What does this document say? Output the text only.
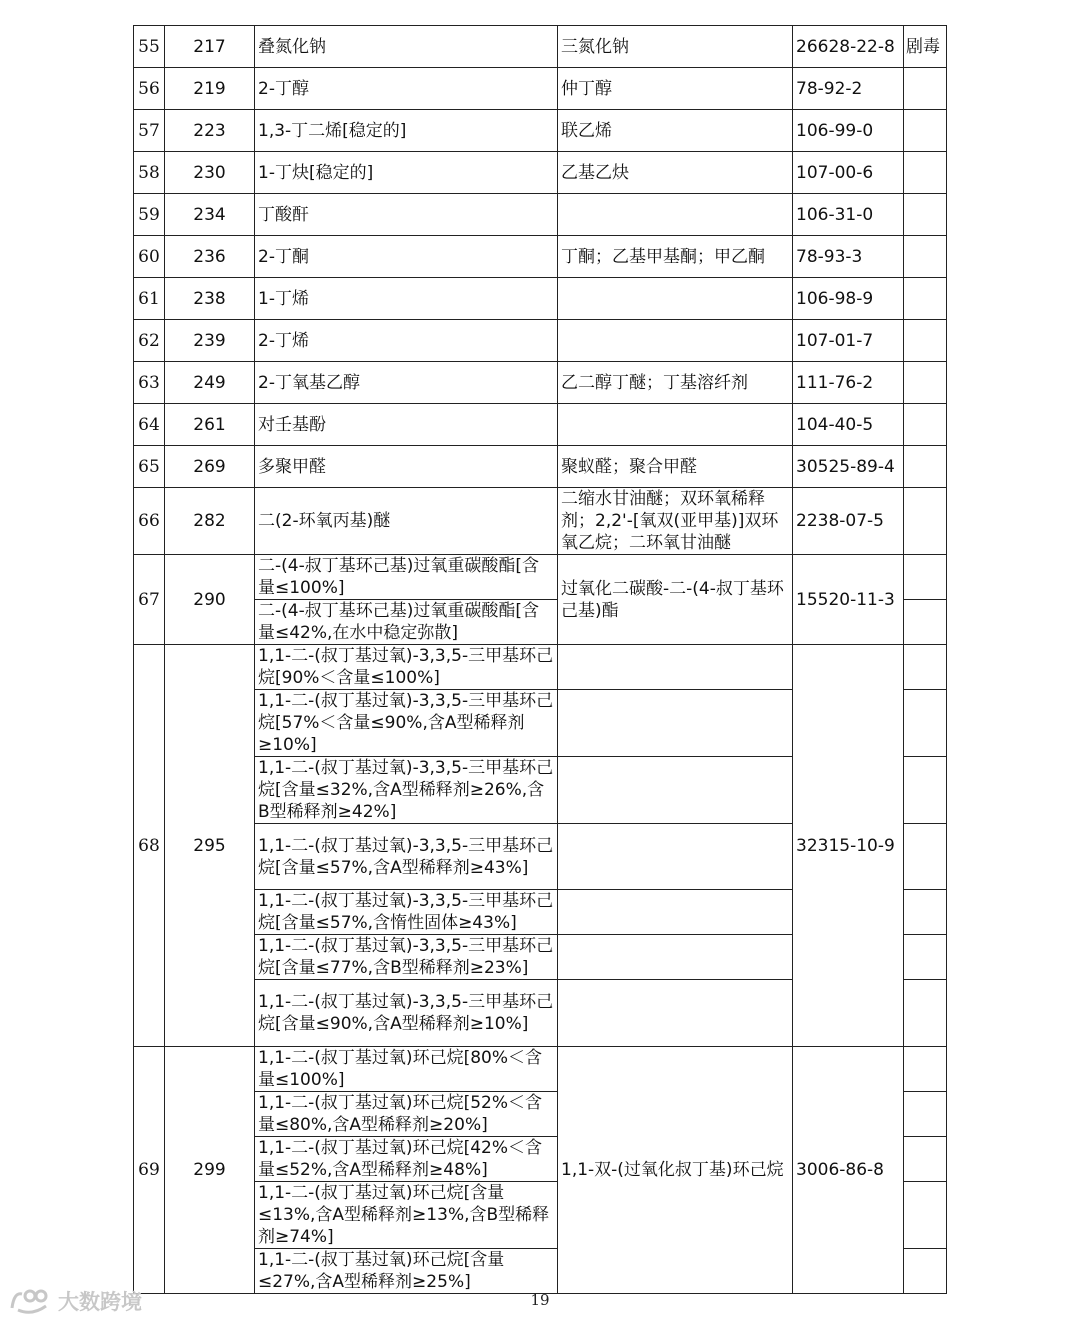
55	217	叠氮化钠	三氮化钠	26628-22-8	剧毒
56	219	2-丁醇	仲丁醇	78-92-2	
57	223	1,3-丁二烯[稳定的]	联乙烯	106-99-0	
58	230	1-丁炔[稳定的]	乙基乙炔	107-00-6	
59	234	丁酸酐		106-31-0	
60	236	2-丁酮	丁酮；乙基甲基酮；甲乙酮	78-93-3	
61	238	1-丁烯		106-98-9	
62	239	2-丁烯		107-01-7	
63	249	2-丁氧基乙醇	乙二醇丁醚；丁基溶纤剂	111-76-2	
64	261	对壬基酚		104-40-5	
65	269	多聚甲醛	聚蚁醛；聚合甲醛	30525-89-4	
66	282	二(2-环氧丙基)醚	二缩水甘油醚；双环氧稀释剂；2,2'-[氧双(亚甲基)]双环氧乙烷；二环氧甘油醚	2238-07-5	
67	290	二-(4-叔丁基环己基)过氧重碳酸酯[含量≤100%]	过氧化二碳酸-二-(4-叔丁基环己基)酯	15520-11-3	
		二-(4-叔丁基环己基)过氧重碳酸酯[含量≤42%,在水中稳定弥散]			
68	295	1,1-二-(叔丁基过氧)-3,3,5-三甲基环己烷[90%＜含量≤100%]		32315-10-9	
		1,1-二-(叔丁基过氧)-3,3,5-三甲基环己烷[57%＜含量≤90%,含A型稀释剂≥10%]			
		1,1-二-(叔丁基过氧)-3,3,5-三甲基环己烷[含量≤32%,含A型稀释剂≥26%,含B型稀释剂≥42%]			
		1,1-二-(叔丁基过氧)-3,3,5-三甲基环己烷[含量≤57%,含A型稀释剂≥43%]			
		1,1-二-(叔丁基过氧)-3,3,5-三甲基环己烷[含量≤57%,含惰性固体≥43%]			
		1,1-二-(叔丁基过氧)-3,3,5-三甲基环己烷[含量≤77%,含B型稀释剂≥23%]			
		1,1-二-(叔丁基过氧)-3,3,5-三甲基环己烷[含量≤90%,含A型稀释剂≥10%]			
69	299	1,1-二-(叔丁基过氧)环己烷[80%＜含量≤100%]	1,1-双-(过氧化叔丁基)环己烷	3006-86-8	
		1,1-二-(叔丁基过氧)环己烷[52%＜含量≤80%,含A型稀释剂≥20%]			
		1,1-二-(叔丁基过氧)环己烷[42%＜含量≤52%,含A型稀释剂≥48%]			
		1,1-二-(叔丁基过氧)环己烷[含量≤13%,含A型稀释剂≥13%,含B型稀释剂≥74%]			
		1,1-二-(叔丁基过氧)环己烷[含量≤27%,含A型稀释剂≥25%]			
19
大数跨境
